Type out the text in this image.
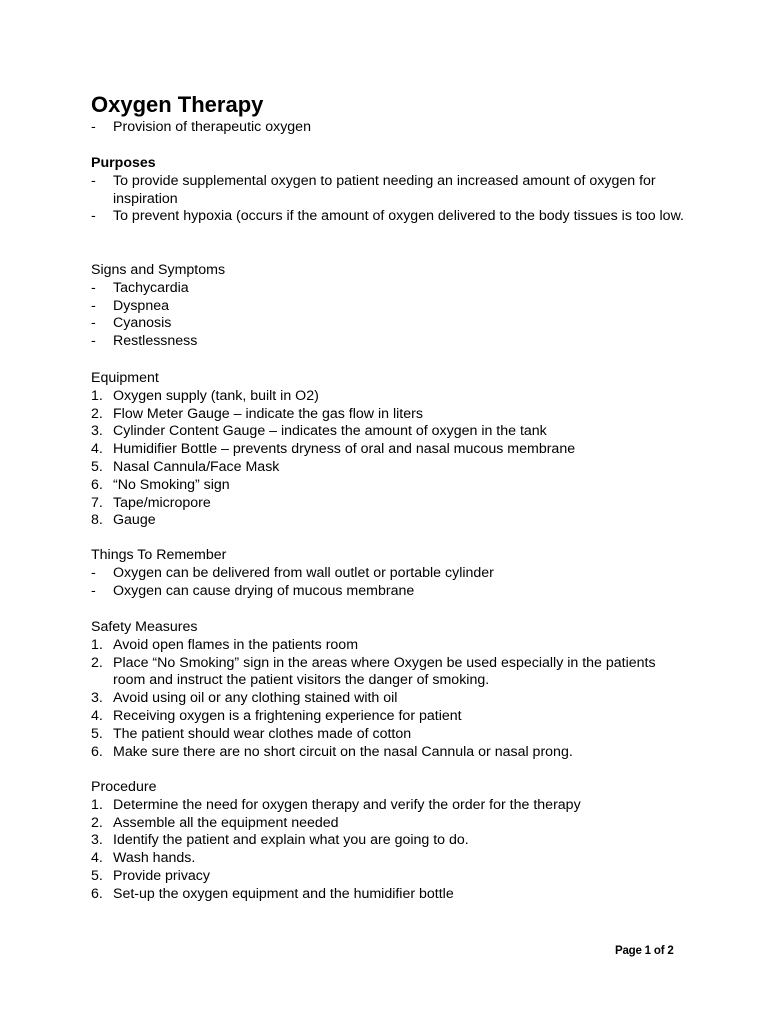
Oxygen Therapy
- Provision of therapeutic oxygen
Purposes
- To provide supplemental oxygen to patient needing an increased amount of oxygen for inspiration
- To prevent hypoxia (occurs if the amount of oxygen delivered to the body tissues is too low.
Signs and Symptoms
- Tachycardia
- Dyspnea
- Cyanosis
- Restlessness
Equipment
1. Oxygen supply (tank, built in O2)
2. Flow Meter Gauge – indicate the gas flow in liters
3. Cylinder Content Gauge – indicates the amount of oxygen in the tank
4. Humidifier Bottle – prevents dryness of oral and nasal mucous membrane
5. Nasal Cannula/Face Mask
6. “No Smoking” sign
7. Tape/micropore
8. Gauge
Things To Remember
- Oxygen can be delivered from wall outlet or portable cylinder
- Oxygen can cause drying of mucous membrane
Safety Measures
1. Avoid open flames in the patients room
2. Place “No Smoking” sign in the areas where Oxygen be used especially in the patients room and instruct the patient visitors the danger of smoking.
3. Avoid using oil or any clothing stained with oil
4. Receiving oxygen is a frightening experience for patient
5. The patient should wear clothes made of cotton
6. Make sure there are no short circuit on the nasal Cannula or nasal prong.
Procedure
1. Determine the need for oxygen therapy and verify the order for the therapy
2. Assemble all the equipment needed
3. Identify the patient and explain what you are going to do.
4. Wash hands.
5. Provide privacy
6. Set-up the oxygen equipment and the humidifier bottle
Page 1 of 2
